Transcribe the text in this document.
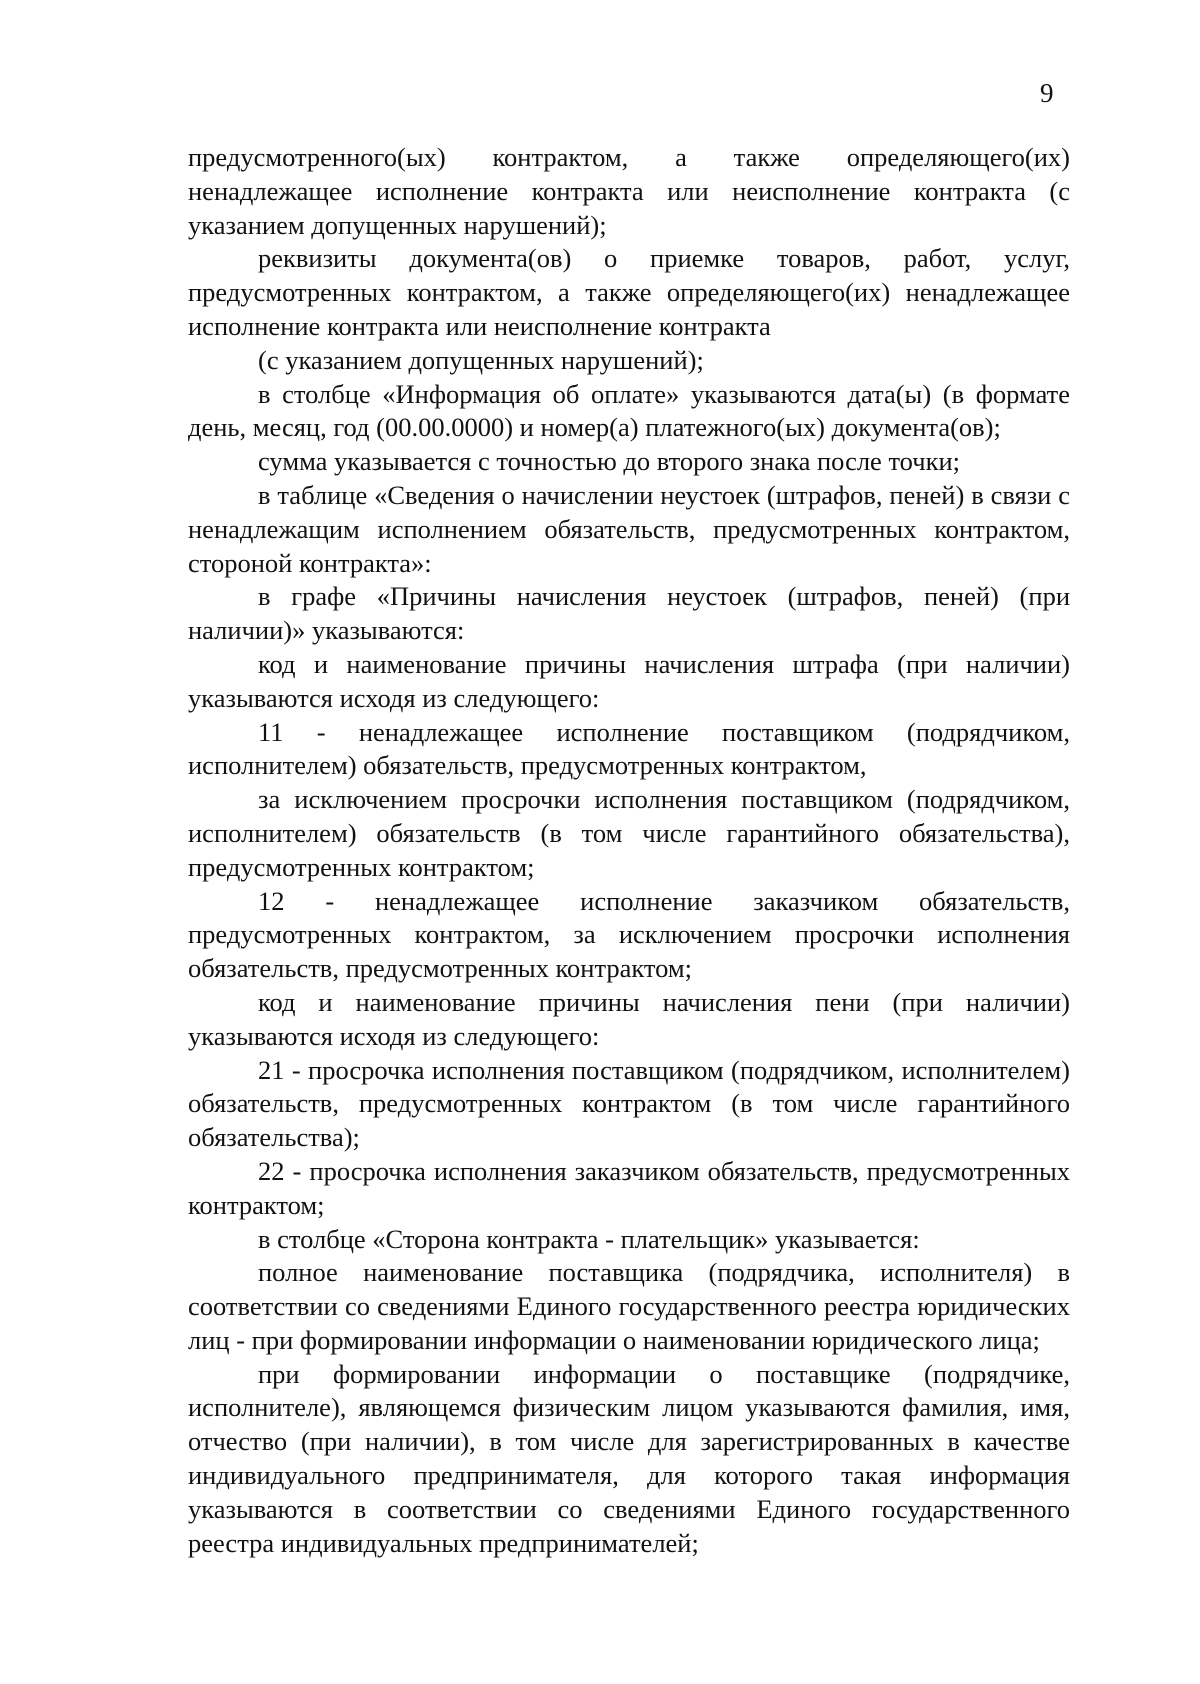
9

предусмотренного(ых) контрактом, а также определяющего(их) ненадлежащее исполнение контракта или неисполнение контракта (с указанием допущенных нарушений);

реквизиты документа(ов) о приемке товаров, работ, услуг, предусмотренных контрактом, а также определяющего(их) ненадлежащее исполнение контракта или неисполнение контракта

(с указанием допущенных нарушений);

в столбце «Информация об оплате» указываются дата(ы) (в формате день, месяц, год (00.00.0000) и номер(а) платежного(ых) документа(ов);

сумма указывается с точностью до второго знака после точки;

в таблице «Сведения о начислении неустоек (штрафов, пеней) в связи с ненадлежащим исполнением обязательств, предусмотренных контрактом, стороной контракта»:

в графе «Причины начисления неустоек (штрафов, пеней) (при наличии)» указываются:

код и наименование причины начисления штрафа (при наличии) указываются исходя из следующего:

11 - ненадлежащее исполнение поставщиком (подрядчиком, исполнителем) обязательств, предусмотренных контрактом,

за исключением просрочки исполнения поставщиком (подрядчиком, исполнителем) обязательств (в том числе гарантийного обязательства), предусмотренных контрактом;

12 - ненадлежащее исполнение заказчиком обязательств, предусмотренных контрактом, за исключением просрочки исполнения обязательств, предусмотренных контрактом;

код и наименование причины начисления пени (при наличии) указываются исходя из следующего:

21 - просрочка исполнения поставщиком (подрядчиком, исполнителем) обязательств, предусмотренных контрактом (в том числе гарантийного обязательства);

22 - просрочка исполнения заказчиком обязательств, предусмотренных контрактом;

в столбце «Сторона контракта - плательщик» указывается:

полное наименование поставщика (подрядчика, исполнителя) в соответствии со сведениями Единого государственного реестра юридических лиц - при формировании информации о наименовании юридического лица;

при формировании информации о поставщике (подрядчике, исполнителе), являющемся физическим лицом указываются фамилия, имя, отчество (при наличии), в том числе для зарегистрированных в качестве индивидуального предпринимателя, для которого такая информация указываются в соответствии со сведениями Единого государственного реестра индивидуальных предпринимателей;
